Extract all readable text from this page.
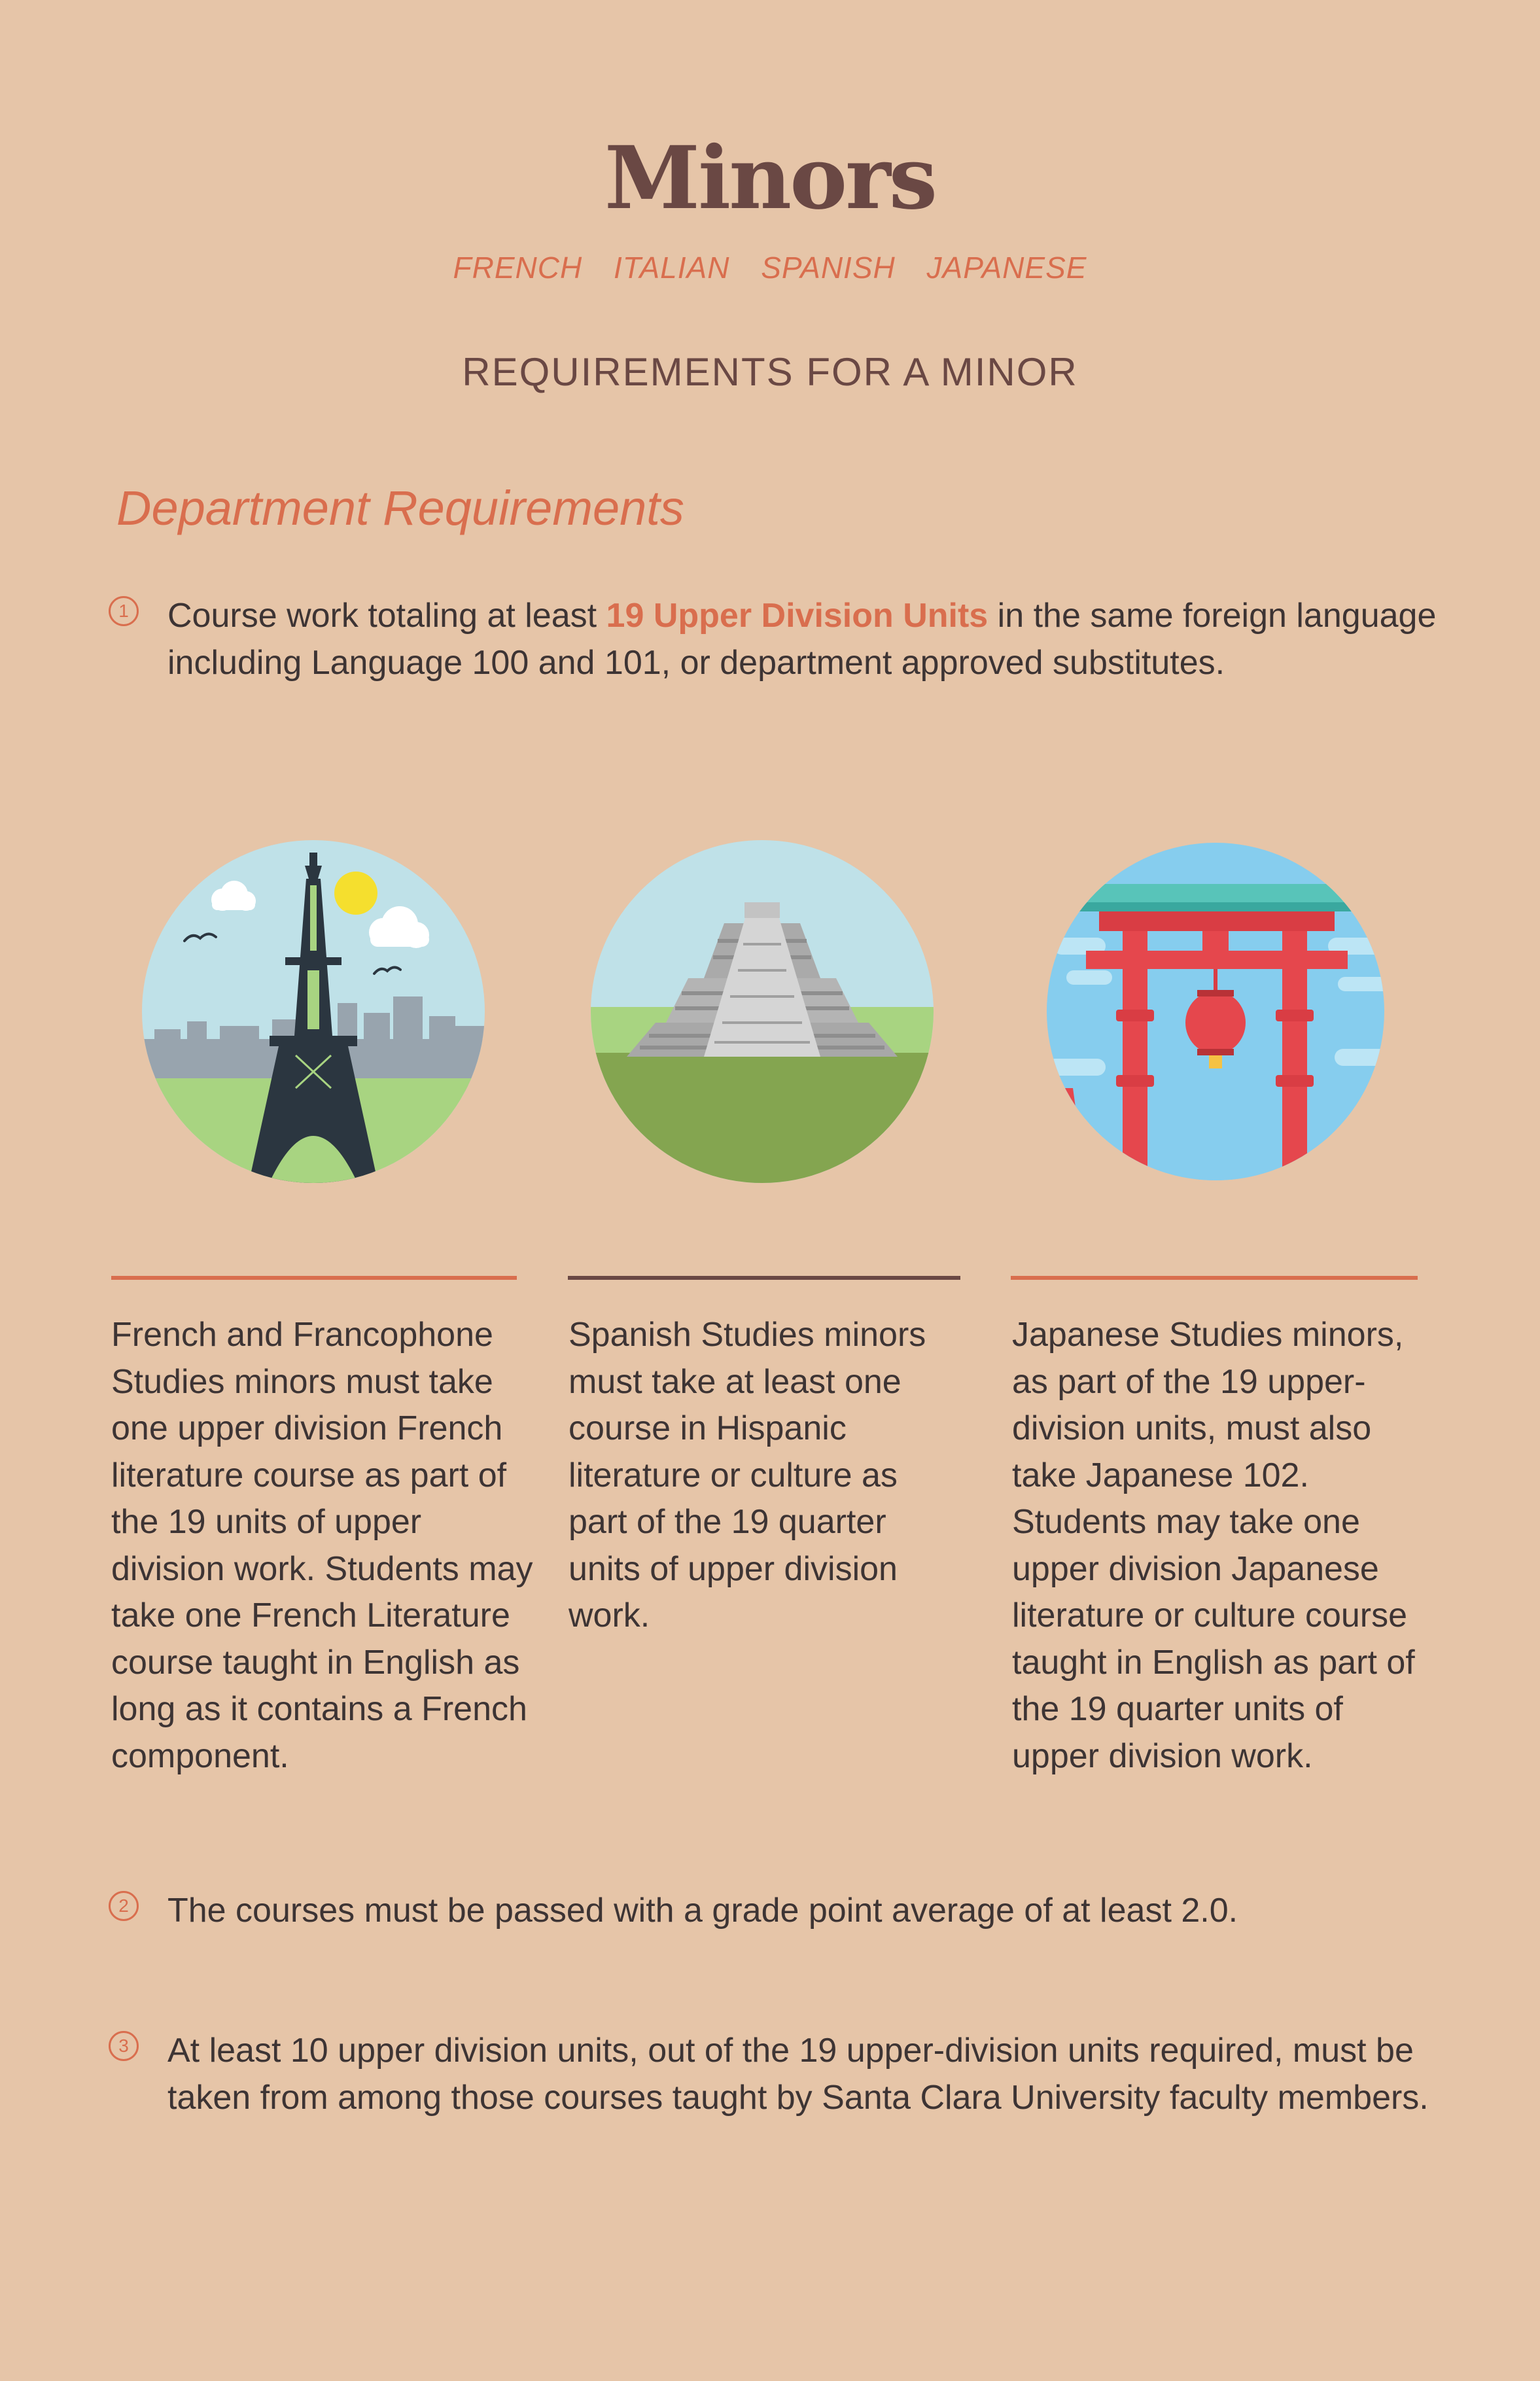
Minors
FRENCH ITALIAN SPANISH JAPANESE
REQUIREMENTS FOR A MINOR
Department Requirements
1 Course work totaling at least 19 Upper Division Units in the same foreign language including Language 100 and 101, or department approved substitutes.
French and Francophone Studies minors must take one upper division French literature course as part of the 19 units of upper division work. Students may take one French Literature course taught in English as long as it contains a French component.
Spanish Studies minors must take at least one course in Hispanic literature or culture as part of the 19 quarter units of upper division work.
Japanese Studies minors, as part of the 19 upper-division units, must also take Japanese 102. Students may take one upper division Japanese literature or culture course taught in English as part of the 19 quarter units of upper division work.
2 The courses must be passed with a grade point average of at least 2.0.
3 At least 10 upper division units, out of the 19 upper-division units required, must be taken from among those courses taught by Santa Clara University faculty members.
